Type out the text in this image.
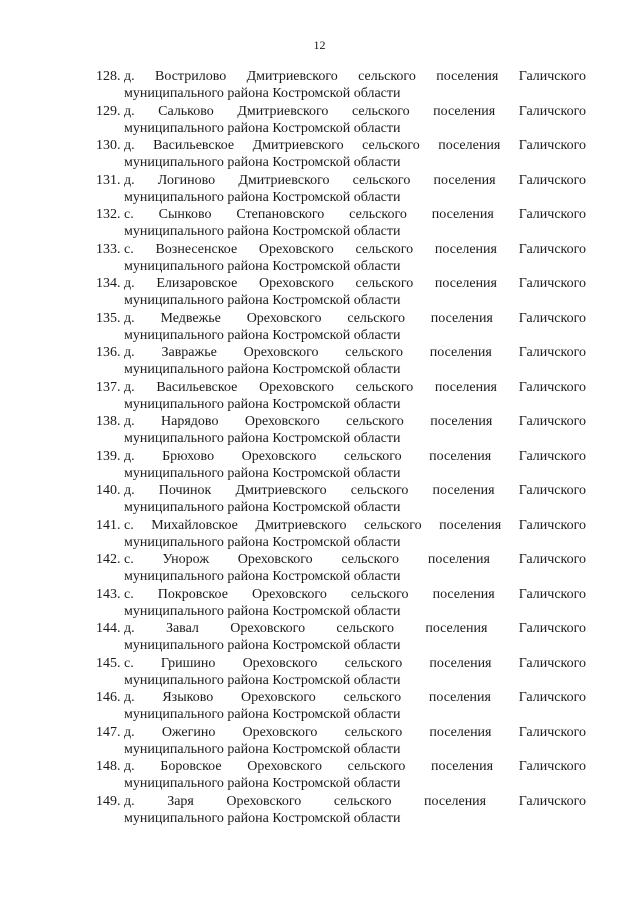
12
128. д. Вострилово Дмитриевского сельского поселения Галичского
муниципального района Костромской области
129. д. Сальково Дмитриевского сельского поселения Галичского
муниципального района Костромской области
130. д. Васильевское Дмитриевского сельского поселения Галичского
муниципального района Костромской области
131. д. Логиново Дмитриевского сельского поселения Галичского
муниципального района Костромской области
132. с. Сынково Степановского сельского поселения Галичского
муниципального района Костромской области
133. с. Вознесенское Ореховского сельского поселения Галичского
муниципального района Костромской области
134. д. Елизаровское Ореховского сельского поселения Галичского
муниципального района Костромской области
135. д. Медвежье Ореховского сельского поселения Галичского
муниципального района Костромской области
136. д. Завражье Ореховского сельского поселения Галичского
муниципального района Костромской области
137. д. Васильевское Ореховского сельского поселения Галичского
муниципального района Костромской области
138. д. Нарядово Ореховского сельского поселения Галичского
муниципального района Костромской области
139. д. Брюхово Ореховского сельского поселения Галичского
муниципального района Костромской области
140. д. Починок Дмитриевского сельского поселения Галичского
муниципального района Костромской области
141. с. Михайловское Дмитриевского сельского поселения Галичского
муниципального района Костромской области
142. с. Унорож Ореховского сельского поселения Галичского
муниципального района Костромской области
143. с. Покровское Ореховского сельского поселения Галичского
муниципального района Костромской области
144. д. Завал Ореховского сельского поселения Галичского
муниципального района Костромской области
145. с. Гришино Ореховского сельского поселения Галичского
муниципального района Костромской области
146. д. Языково Ореховского сельского поселения Галичского
муниципального района Костромской области
147. д. Ожегино Ореховского сельского поселения Галичского
муниципального района Костромской области
148. д. Боровское Ореховского сельского поселения Галичского
муниципального района Костромской области
149. д. Заря Ореховского сельского поселения Галичского
муниципального района Костромской области
